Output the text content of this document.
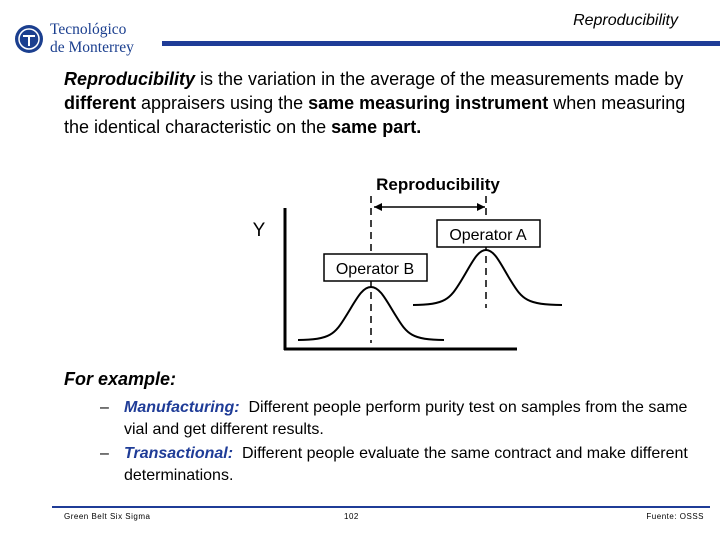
Tecnológico
de Monterrey
Reproducibility
Reproducibility is the variation in the average of the measurements made by different appraisers using the same measuring instrument when measuring the identical characteristic on the same part.
Reproducibility
Y	Operator A
Operator B
For example:
– Manufacturing: Different people perform purity test on samples from the same vial and get different results.
– Transactional: Different people evaluate the same contract and make different determinations.
Green Belt Six Sigma	102	Fuente: OSSS
